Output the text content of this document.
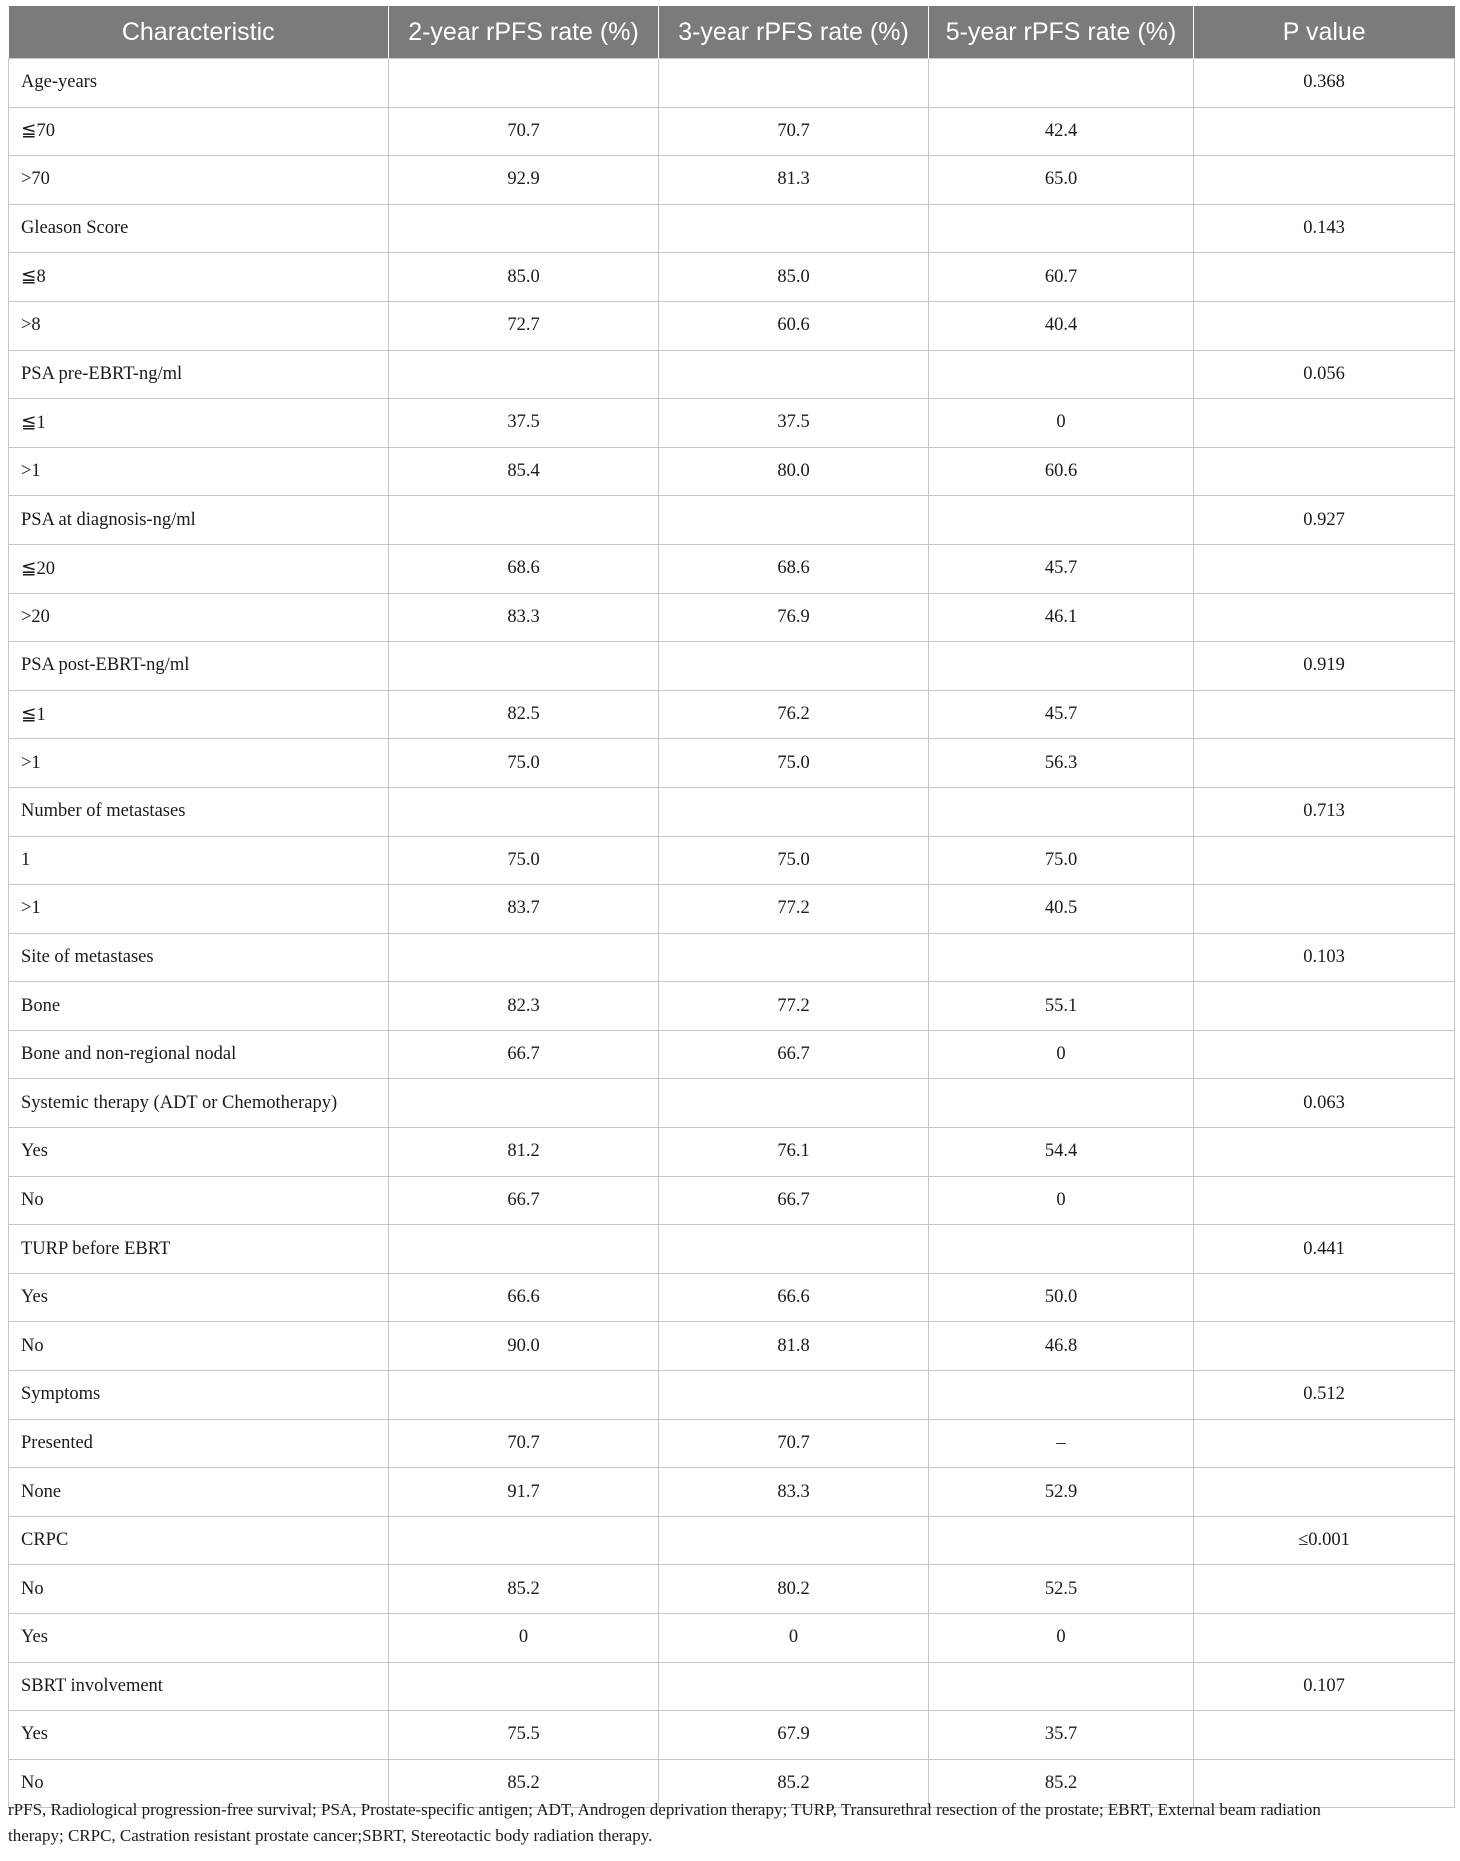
Characteristic	2-year rPFS rate (%)	3-year rPFS rate (%)	5-year rPFS rate (%)	P value
Age-years				0.368
≦70	70.7	70.7	42.4	
>70	92.9	81.3	65.0	
Gleason Score				0.143
≦8	85.0	85.0	60.7	
>8	72.7	60.6	40.4	
PSA pre-EBRT-ng/ml				0.056
≦1	37.5	37.5	0	
>1	85.4	80.0	60.6	
PSA at diagnosis-ng/ml				0.927
≦20	68.6	68.6	45.7	
>20	83.3	76.9	46.1	
PSA post-EBRT-ng/ml				0.919
≦1	82.5	76.2	45.7	
>1	75.0	75.0	56.3	
Number of metastases				0.713
1	75.0	75.0	75.0	
>1	83.7	77.2	40.5	
Site of metastases				0.103
Bone	82.3	77.2	55.1	
Bone and non-regional nodal	66.7	66.7	0	
Systemic therapy (ADT or Chemotherapy)				0.063
Yes	81.2	76.1	54.4	
No	66.7	66.7	0	
TURP before EBRT				0.441
Yes	66.6	66.6	50.0	
No	90.0	81.8	46.8	
Symptoms				0.512
Presented	70.7	70.7	–	
None	91.7	83.3	52.9	
CRPC				≤0.001
No	85.2	80.2	52.5	
Yes	0	0	0	
SBRT involvement				0.107
Yes	75.5	67.9	35.7	
No	85.2	85.2	85.2	
rPFS, Radiological progression-free survival; PSA, Prostate-specific antigen; ADT, Androgen deprivation therapy; TURP, Transurethral resection of the prostate; EBRT, External beam radiation
therapy; CRPC, Castration resistant prostate cancer;SBRT, Stereotactic body radiation therapy.
